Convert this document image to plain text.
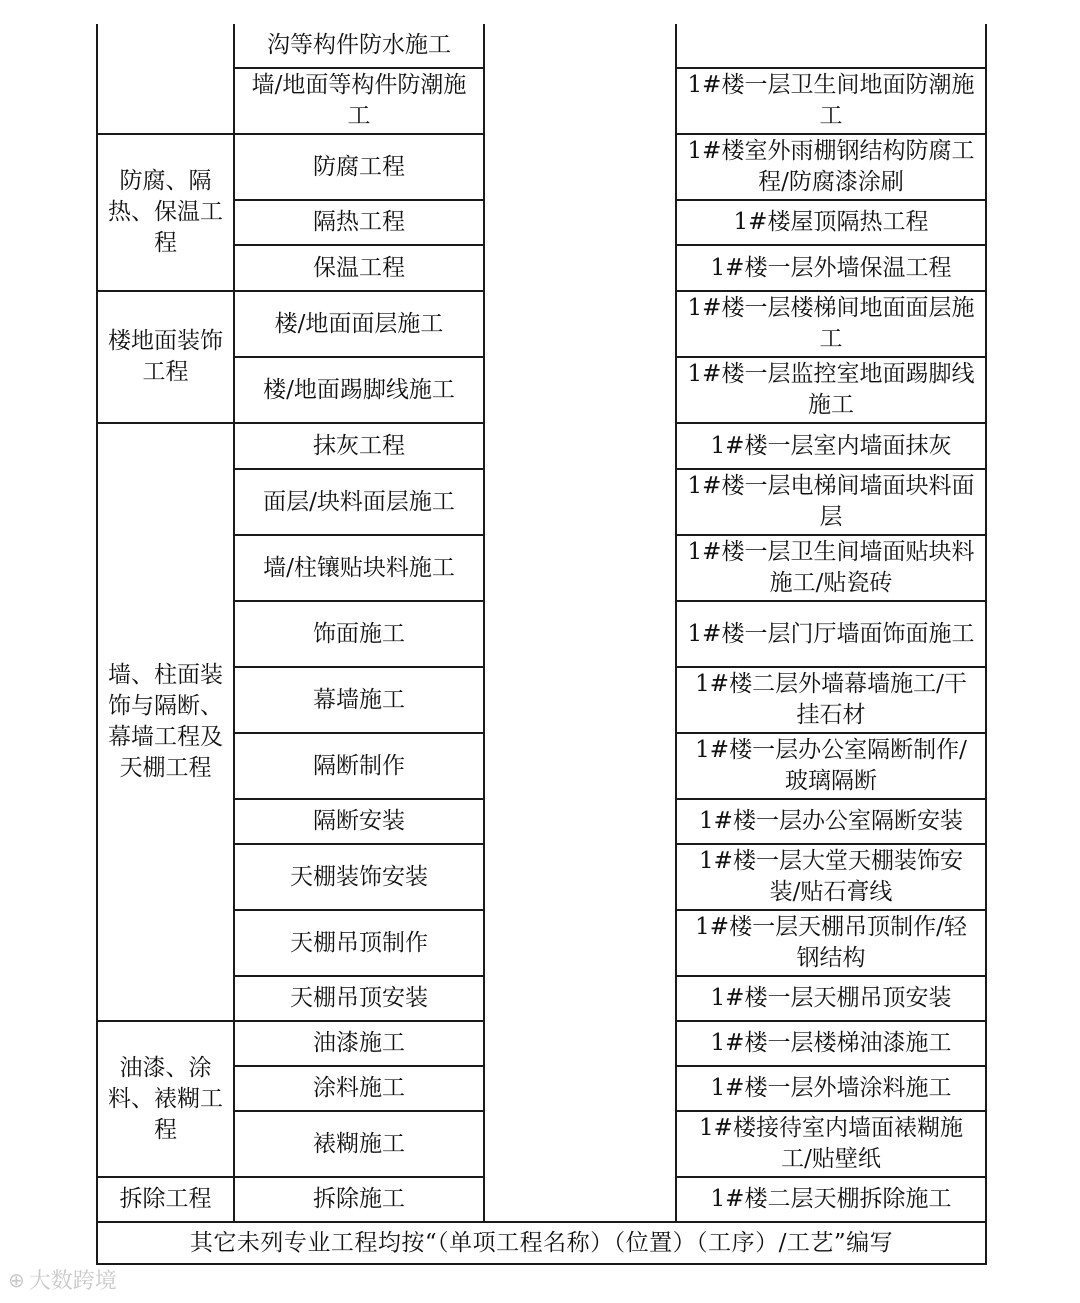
	沟等构件防水施工		
	墙/地面等构件防潮施工		1#楼一层卫生间地面防潮施工
防腐、隔热、保温工程	防腐工程		1#楼室外雨棚钢结构防腐工程/防腐漆涂刷
	隔热工程		1#楼屋顶隔热工程
	保温工程		1#楼一层外墙保温工程
楼地面装饰工程	楼/地面面层施工		1#楼一层楼梯间地面面层施工
	楼/地面踢脚线施工		1#楼一层监控室地面踢脚线施工
墙、柱面装饰与隔断、幕墙工程及天棚工程	抹灰工程		1#楼一层室内墙面抹灰
	面层/块料面层施工		1#楼一层电梯间墙面块料面层
	墙/柱镶贴块料施工		1#楼一层卫生间墙面贴块料施工/贴瓷砖
	饰面施工		1#楼一层门厅墙面饰面施工
	幕墙施工		1#楼二层外墙幕墙施工/干挂石材
	隔断制作		1#楼一层办公室隔断制作/玻璃隔断
	隔断安装		1#楼一层办公室隔断安装
	天棚装饰安装		1#楼一层大堂天棚装饰安装/贴石膏线
	天棚吊顶制作		1#楼一层天棚吊顶制作/轻钢结构
	天棚吊顶安装		1#楼一层天棚吊顶安装
油漆、涂料、裱糊工程	油漆施工		1#楼一层楼梯油漆施工
	涂料施工		1#楼一层外墙涂料施工
	裱糊施工		1#楼接待室内墙面裱糊施工/贴壁纸
拆除工程	拆除施工		1#楼二层天棚拆除施工
其它未列专业工程均按“（单项工程名称）（位置）（工序）/工艺”编写			
⊕ 大数跨境
